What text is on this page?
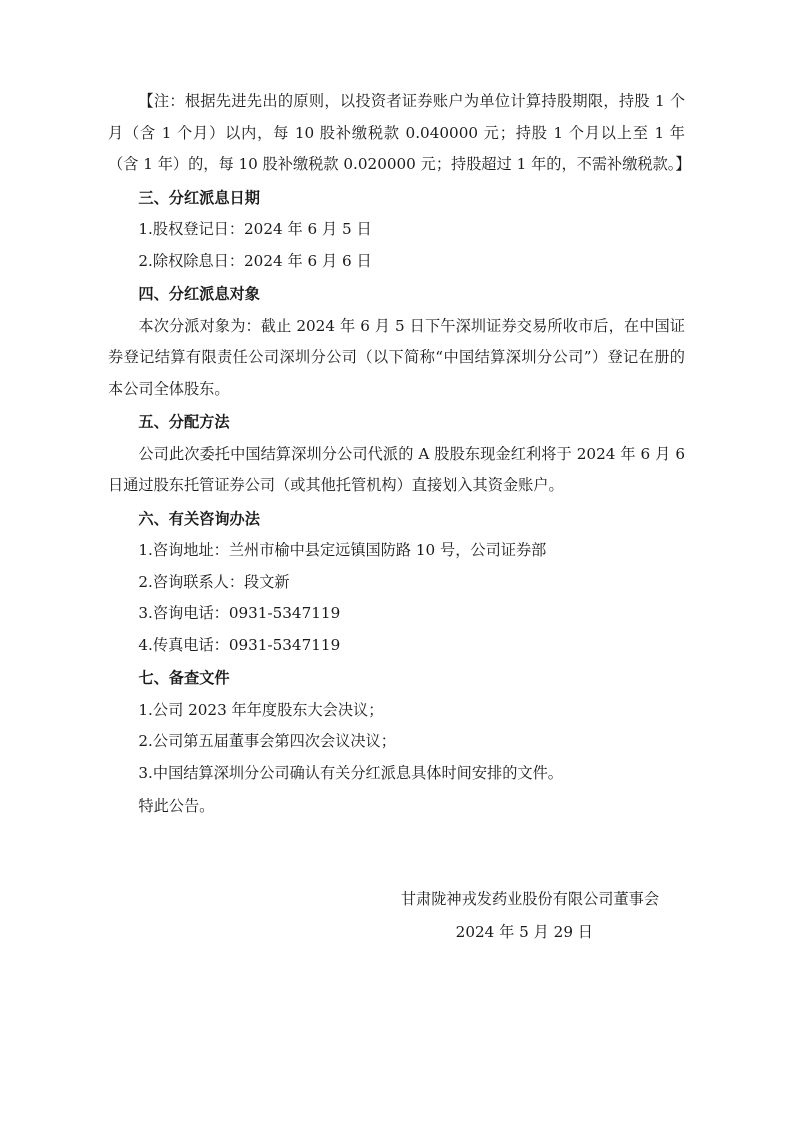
【注：根据先进先出的原则，以投资者证券账户为单位计算持股期限，持股 1 个月（含 1 个月）以内，每 10 股补缴税款 0.040000 元；持股 1 个月以上至 1 年（含 1 年）的，每 10 股补缴税款 0.020000 元；持股超过 1 年的，不需补缴税款。】

三、分红派息日期

1.股权登记日：2024 年 6 月 5 日

2.除权除息日：2024 年 6 月 6 日

四、分红派息对象

本次分派对象为：截止 2024 年 6 月 5 日下午深圳证券交易所收市后，在中国证券登记结算有限责任公司深圳分公司（以下简称“中国结算深圳分公司”）登记在册的本公司全体股东。

五、分配方法

公司此次委托中国结算深圳分公司代派的 A 股股东现金红利将于 2024 年 6 月 6 日通过股东托管证券公司（或其他托管机构）直接划入其资金账户。

六、有关咨询办法

1.咨询地址：兰州市榆中县定远镇国防路 10 号，公司证券部

2.咨询联系人：段文新

3.咨询电话：0931-5347119

4.传真电话：0931-5347119

七、备查文件

1.公司 2023 年年度股东大会决议；

2.公司第五届董事会第四次会议决议；

3.中国结算深圳分公司确认有关分红派息具体时间安排的文件。

特此公告。

甘肃陇神戎发药业股份有限公司董事会
2024 年 5 月 29 日
